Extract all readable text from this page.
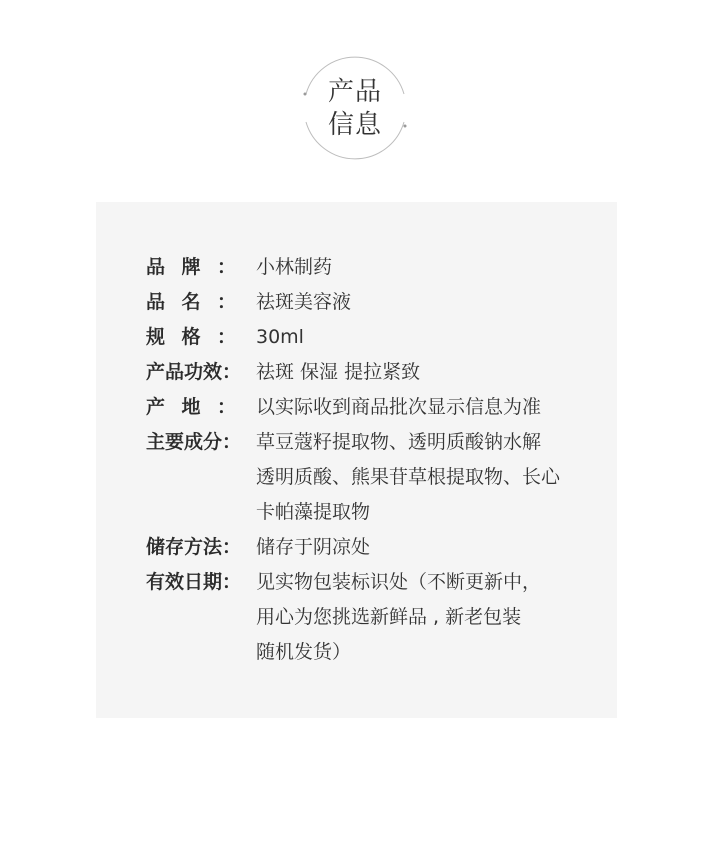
产品
信息
品牌：	小林制药
品名：	祛斑美容液
规格：	30ml
产品功效： 祛斑 保湿 提拉紧致
产地：	以实际收到商品批次显示信息为准
主要成分： 草豆蔻籽提取物、透明质酸钠水解
透明质酸、熊果苷草根提取物、长心
卡帕藻提取物
储存方法： 储存于阴凉处
有效日期： 见实物包装标识处（不断更新中，
用心为您挑选新鲜品 , 新老包装
随机发货）
